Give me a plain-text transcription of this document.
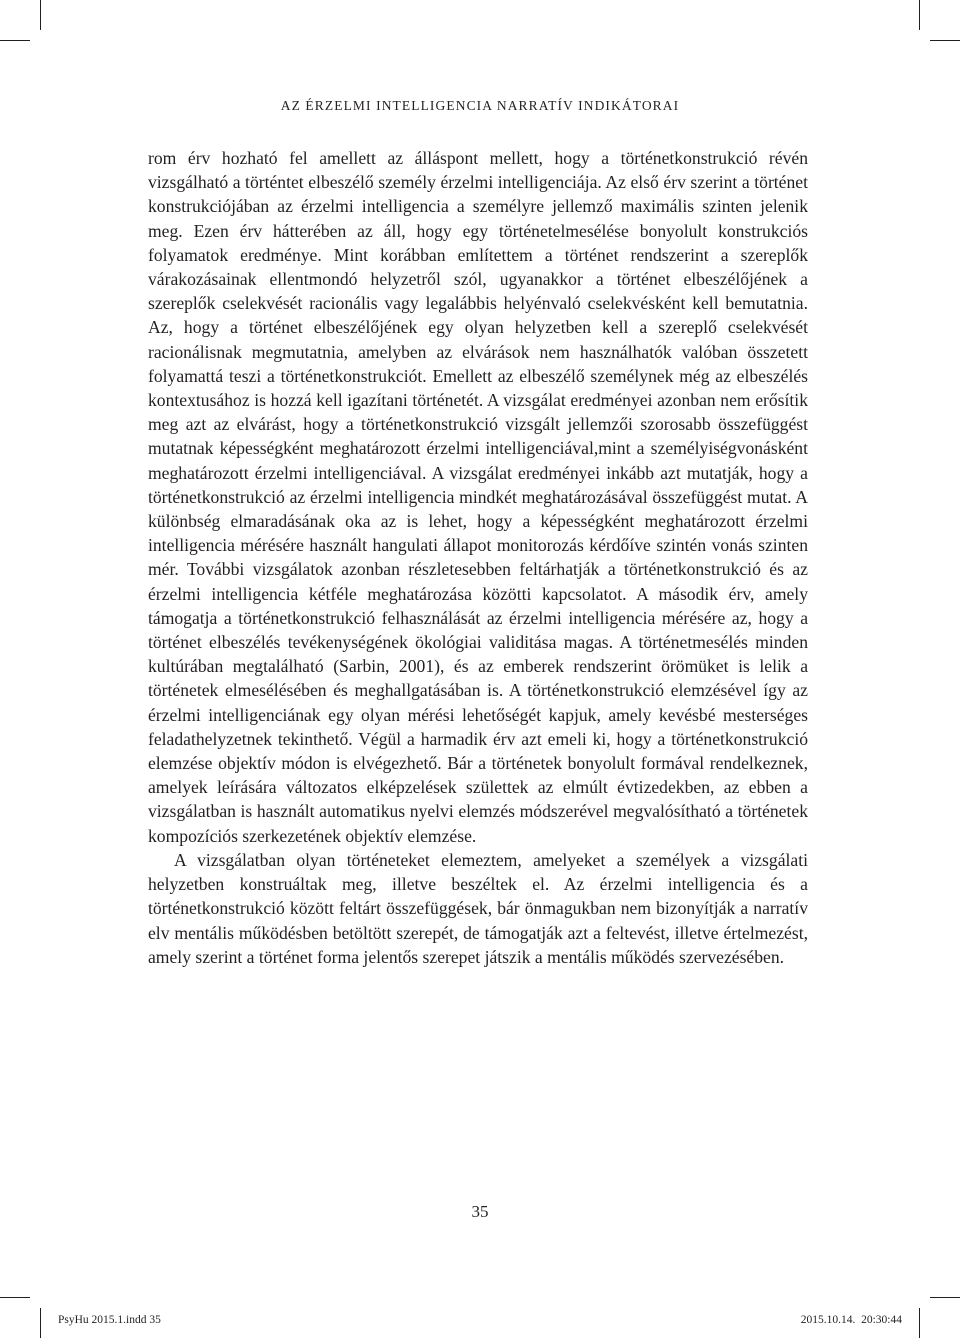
AZ ÉRZELMI INTELLIGENCIA NARRATÍV INDIKÁTORAI

rom érv hozható fel amellett az álláspont mellett, hogy a történetkonstrukció révén vizsgálható a történtet elbeszélő személy érzelmi intelligenciája. Az első érv szerint a történet konstrukciójában az érzelmi intelligencia a személyre jellemző maximális szinten jelenik meg. Ezen érv hátterében az áll, hogy egy történetelmesélése bonyolult konstrukciós folyamatok eredménye. Mint korábban említettem a történet rendszerint a szereplők várakozásainak ellentmondó helyzetről szól, ugyanakkor a történet elbeszélőjének a szereplők cselekvését racionális vagy legalábbis helyénvaló cselekvésként kell bemutatnia. Az, hogy a történet elbeszélőjének egy olyan helyzetben kell a szereplő cselekvését racionálisnak megmutatnia, amelyben az elvárások nem használhatók valóban összetett folyamattá teszi a történetkonstrukciót. Emellett az elbeszélő személynek még az elbeszélés kontextusához is hozzá kell igazítani történetét. A vizsgálat eredményei azonban nem erősítik meg azt az elvárást, hogy a történetkonstrukció vizsgált jellemzői szorosabb összefüggést mutatnak képességként meghatározott érzelmi intelligenciával,mint a személyiségvonásként meghatározott érzelmi intelligenciával. A vizsgálat eredményei inkább azt mutatják, hogy a történetkonstrukció az érzelmi intelligencia mindkét meghatározásával összefüggést mutat. A különbség elmaradásának oka az is lehet, hogy a képességként meghatározott érzelmi intelligencia mérésére használt hangulati állapot monitorozás kérdőíve szintén vonás szinten mér. További vizsgálatok azonban részletesebben feltárhatják a történetkonstrukció és az érzelmi intelligencia kétféle meghatározása közötti kapcsolatot. A második érv, amely támogatja a történetkonstrukció felhasználását az érzelmi intelligencia mérésére az, hogy a történet elbeszélés tevékenységének ökológiai validitása magas. A történetmesélés minden kultúrában megtalálható (Sarbin, 2001), és az emberek rendszerint örömüket is lelik a történetek elmesélésében és meghallgatásában is. A történetkonstrukció elemzésével így az érzelmi intelligenciának egy olyan mérési lehetőségét kapjuk, amely kevésbé mesterséges feladathelyzetnek tekinthető. Végül a harmadik érv azt emeli ki, hogy a történetkonstrukció elemzése objektív módon is elvégezhető. Bár a történetek bonyolult formával rendelkeznek, amelyek leírására változatos elképzelések születtek az elmúlt évtizedekben, az ebben a vizsgálatban is használt automatikus nyelvi elemzés módszerével megvalósítható a történetek kompozíciós szerkezetének objektív elemzése.

A vizsgálatban olyan történeteket elemeztem, amelyeket a személyek a vizsgálati helyzetben konstruáltak meg, illetve beszéltek el. Az érzelmi intelligencia és a történetkonstrukció között feltárt összefüggések, bár önmagukban nem bizonyítják a narratív elv mentális működésben betöltött szerepét, de támogatják azt a feltevést, illetve értelmezést, amely szerint a történet forma jelentős szerepet játszik a mentális működés szervezésében.

35
PsyHu 2015.1.indd 35	2015.10.14. 20:30:44
